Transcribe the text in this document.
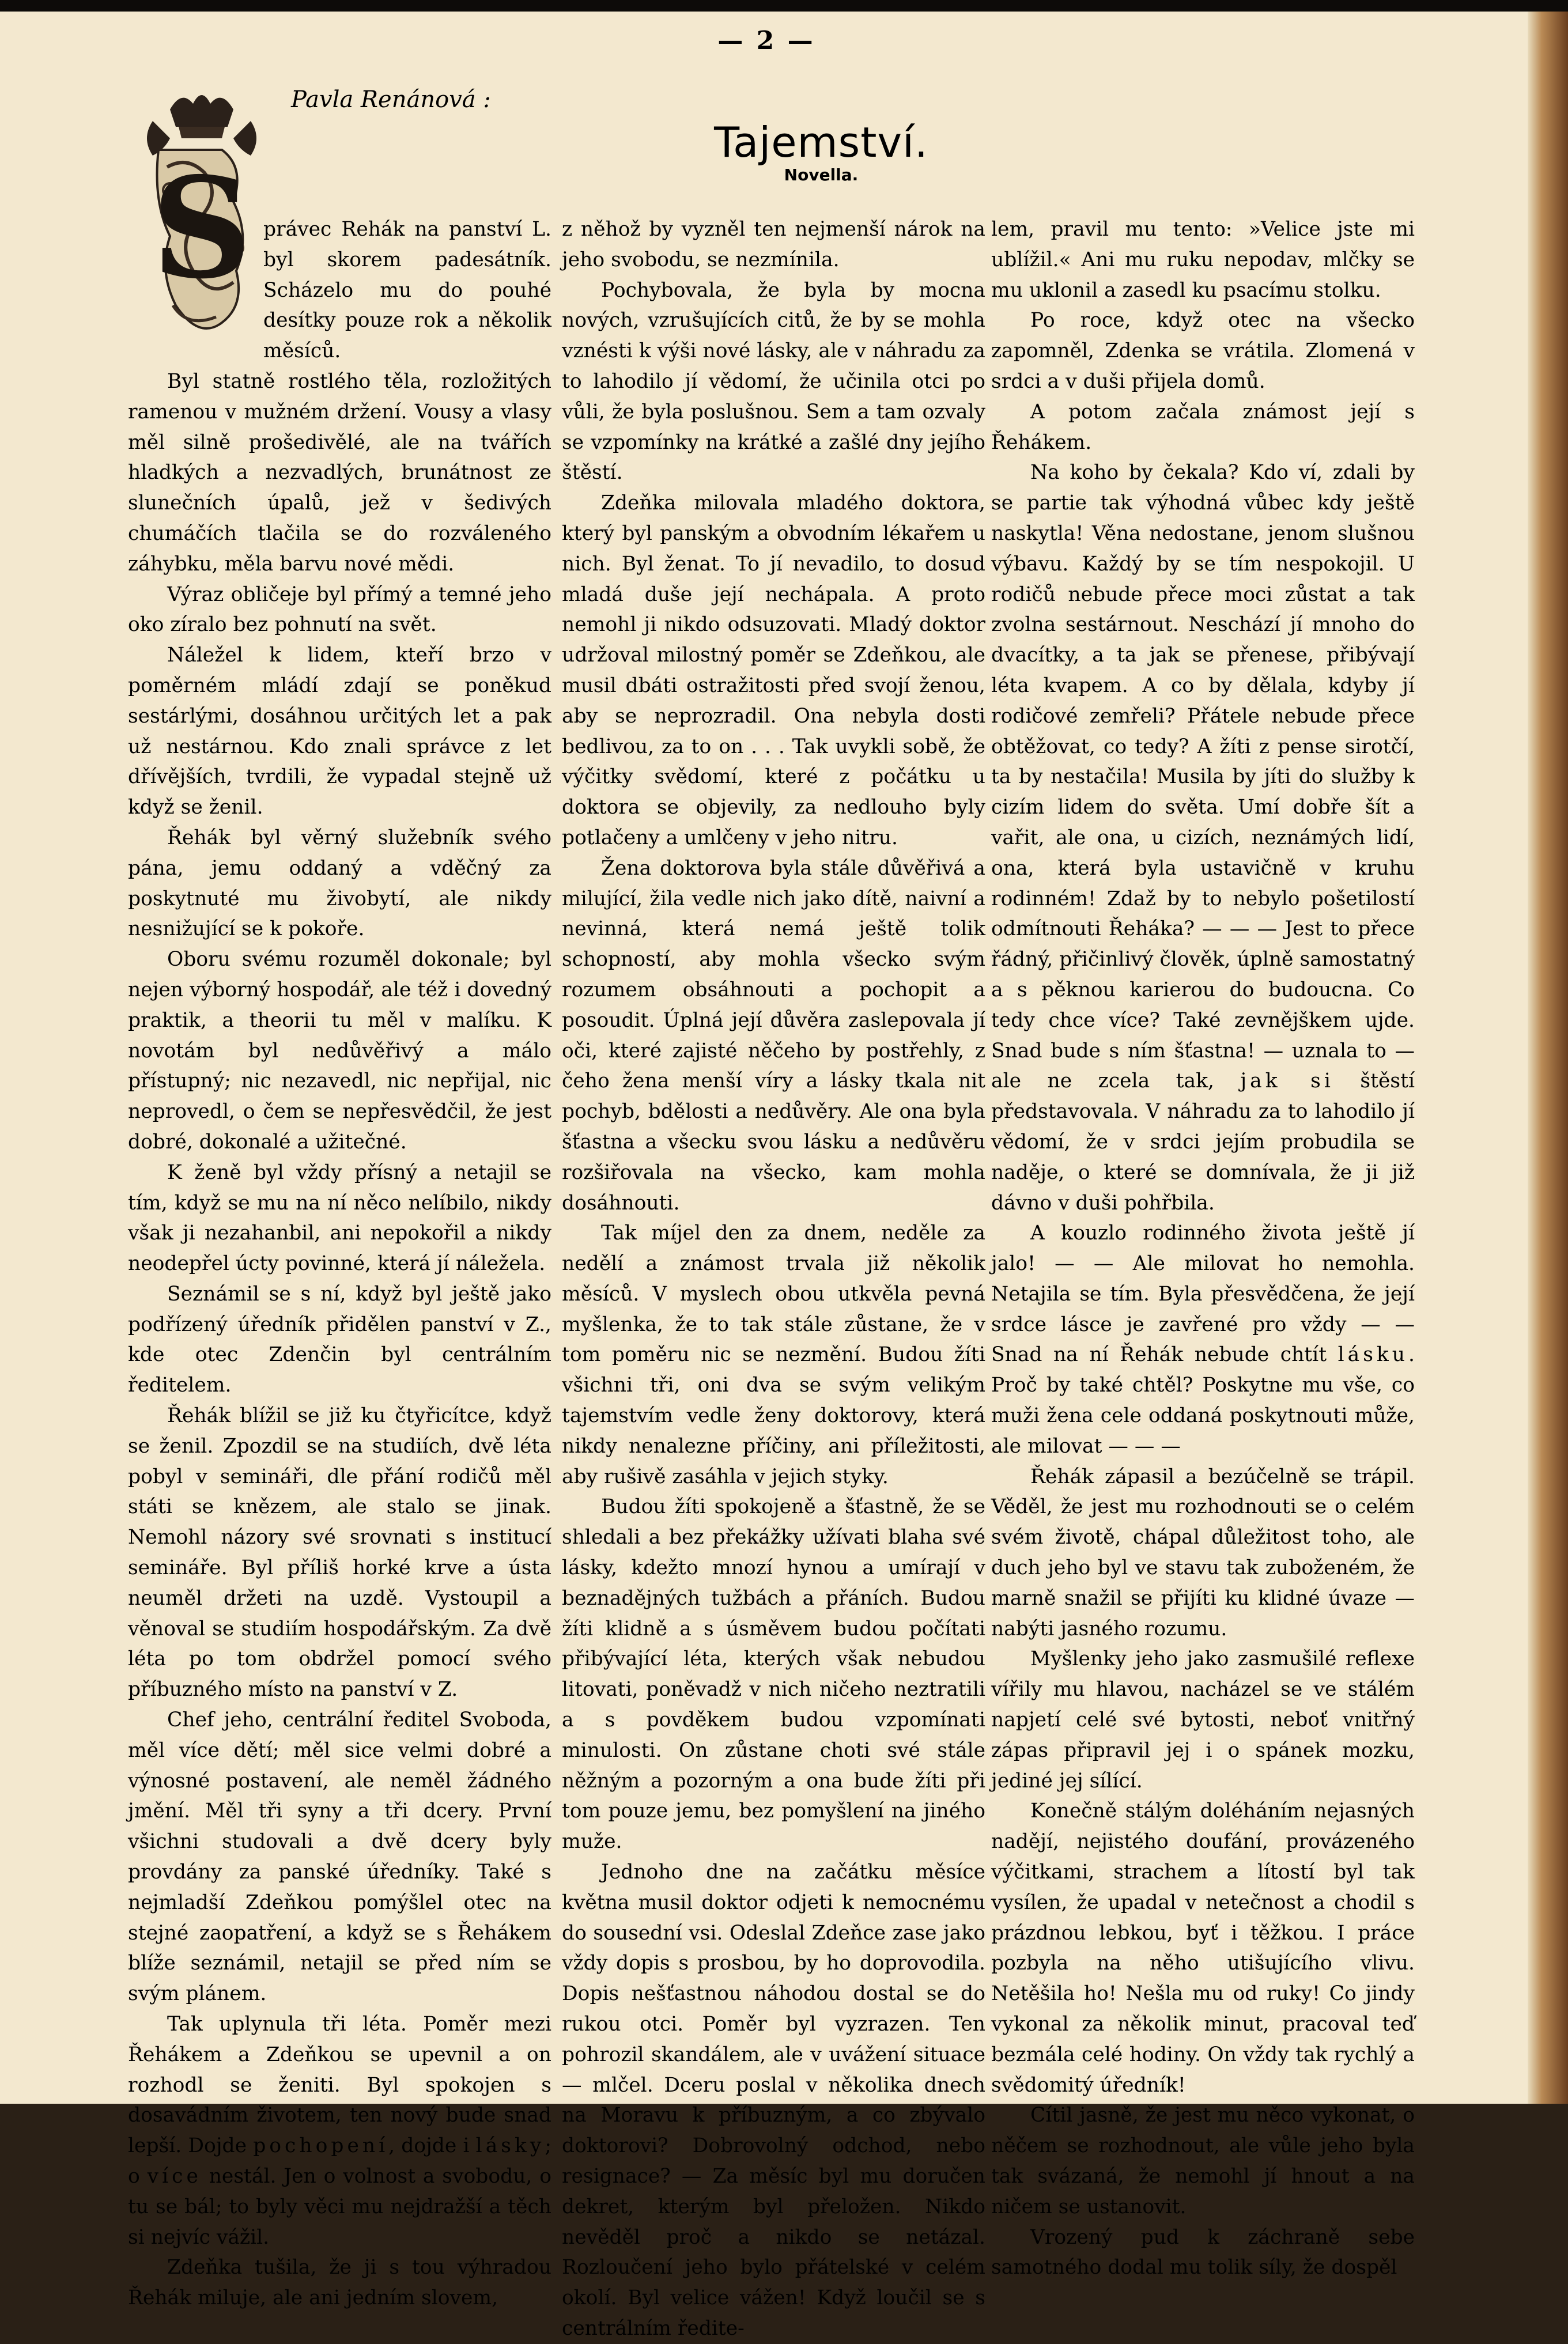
— 2 —
Pavla Renánová :
Tajemství.
Novella.
S právec Rehák na panství L. byl skorem padesátník. Scházelo mu do pouhé desítky pouze rok a několik měsíců.

Byl statně rostlého těla, rozložitých ramenou v mužném držení. Vousy a vlasy měl silně prošedivělé, ale na tvářích hladkých a nezvadlých, brunátnost ze slunečních úpalů, jež v šedivých chumáčích tlačila se do rozváleného záhybku, měla barvu nové mědi.

Výraz obličeje byl přímý a temné jeho oko zíralo bez pohnutí na svět.

Náležel k lidem, kteří brzo v poměrném mládí zdají se poněkud sestárlými, dosáhnou určitých let a pak už nestárnou. Kdo znali správce z let dřívějších, tvrdili, že vypadal stejně už když se ženil.

Řehák byl věrný služebník svého pána, jemu oddaný a vděčný za poskytnuté mu živobytí, ale nikdy nesnižující se k pokoře.

Oboru svému rozuměl dokonale; byl nejen výborný hospodář, ale též i dovedný praktik, a theorii tu měl v malíku. K novotám byl nedůvěřivý a málo přístupný; nic nezavedl, nic nepřijal, nic neprovedl, o čem se nepřesvědčil, že jest dobré, dokonalé a užitečné.

K ženě byl vždy přísný a netajil se tím, když se mu na ní něco nelíbilo, nikdy však ji nezahanbil, ani nepokořil a nikdy neodepřel úcty povinné, která jí náležela.

Seznámil se s ní, když byl ještě jako podřízený úředník přidělen panství v Z., kde otec Zdenčin byl centrálním ředitelem.

Řehák blížil se již ku čtyřicítce, když se ženil. Zpozdil se na studiích, dvě léta pobyl v semináři, dle přání rodičů měl státi se knězem, ale stalo se jinak. Nemohl názory své srovnati s institucí semináře. Byl příliš horké krve a ústa neuměl držeti na uzdě. Vystoupil a věnoval se studiím hospodářským. Za dvě léta po tom obdržel pomocí svého příbuzného místo na panství v Z.

Chef jeho, centrální ředitel Svoboda, měl více dětí; měl sice velmi dobré a výnosné postavení, ale neměl žádného jmění. Měl tři syny a tři dcery. První všichni studovali a dvě dcery byly provdány za panské úředníky. Také s nejmladší Zdeňkou pomýšlel otec na stejné zaopatření, a když se s Řehákem blíže seznámil, netajil se před ním se svým plánem.

Tak uplynula tři léta. Poměr mezi Řehákem a Zdeňkou se upevnil a on rozhodl se ženiti. Byl spokojen s dosavádním životem, ten nový bude snad lepší. Dojde pochopení, dojde i lásky; o více nestál. Jen o volnost a svobodu, o tu se bál; to byly věci mu nejdražší a těch si nejvíc vážil.

Zdeňka tušila, že ji s tou výhradou Řehák miluje, ale ani jedním slovem,

z něhož by vyzněl ten nejmenší nárok na jeho svobodu, se nezmínila.

Pochybovala, že byla by mocna nových, vzrušujících citů, že by se mohla vznésti k výši nové lásky, ale v náhradu za to lahodilo jí vědomí, že učinila otci po vůli, že byla poslušnou. Sem a tam ozvaly se vzpomínky na krátké a zašlé dny jejího štěstí.

Zdeňka milovala mladého doktora, který byl panským a obvodním lékařem u nich. Byl ženat. To jí nevadilo, to dosud mladá duše její nechápala. A proto nemohl ji nikdo odsuzovati. Mladý doktor udržoval milostný poměr se Zdeňkou, ale musil dbáti ostražitosti před svojí ženou, aby se neprozradil. Ona nebyla dosti bedlivou, za to on . . . Tak uvykli sobě, že výčitky svědomí, které z počátku u doktora se objevily, za nedlouho byly potlačeny a umlčeny v jeho nitru.

Žena doktorova byla stále důvěřivá a milující, žila vedle nich jako dítě, naivní a nevinná, která nemá ještě tolik schopností, aby mohla všecko svým rozumem obsáhnouti a pochopit a posoudit. Úplná její důvěra zaslepovala jí oči, které zajisté něčeho by postřehly, z čeho žena menší víry a lásky tkala nit pochyb, bdělosti a nedůvěry. Ale ona byla šťastna a všecku svou lásku a nedůvěru rozšiřovala na všecko, kam mohla dosáhnouti.

Tak míjel den za dnem, neděle za nedělí a známost trvala již několik měsíců. V myslech obou utkvěla pevná myšlenka, že to tak stále zůstane, že v tom poměru nic se nezmění. Budou žíti všichni tři, oni dva se svým velikým tajemstvím vedle ženy doktorovy, která nikdy nenalezne příčiny, ani příležitosti, aby rušivě zasáhla v jejich styky.

Budou žíti spokojeně a šťastně, že se shledali a bez překážky užívati blaha své lásky, kdežto mnozí hynou a umírají v beznadějných tužbách a přáních. Budou žíti klidně a s úsměvem budou počítati přibývající léta, kterých však nebudou litovati, poněvadž v nich ničeho neztratili a s povděkem budou vzpomínati minulosti. On zůstane choti své stále něžným a pozorným a ona bude žíti při tom pouze jemu, bez pomyšlení na jiného muže.

Jednoho dne na začátku měsíce května musil doktor odjeti k nemocnému do sousední vsi. Odeslal Zdeňce zase jako vždy dopis s prosbou, by ho doprovodila. Dopis nešťastnou náhodou dostal se do rukou otci. Poměr byl vyzrazen. Ten pohrozil skandálem, ale v uvážení situace — mlčel. Dceru poslal v několika dnech na Moravu k příbuzným, a co zbývalo doktorovi? Dobrovolný odchod, nebo resignace? — Za měsíc byl mu doručen dekret, kterým byl přeložen. Nikdo nevěděl proč a nikdo se netázal. Rozloučení jeho bylo přátelské v celém okolí. Byl velice vážen! Když loučil se s centrálním ředite-

lem, pravil mu tento: »Velice jste mi ublížil.« Ani mu ruku nepodav, mlčky se mu uklonil a zasedl ku psacímu stolku.

Po roce, když otec na všecko zapomněl, Zdenka se vrátila. Zlomená v srdci a v duši přijela domů.

A potom začala známost její s Řehákem.

Na koho by čekala? Kdo ví, zdali by se partie tak výhodná vůbec kdy ještě naskytla! Věna nedostane, jenom slušnou výbavu. Každý by se tím nespokojil. U rodičů nebude přece moci zůstat a tak zvolna sestárnout. Neschází jí mnoho do dvacítky, a ta jak se přenese, přibývají léta kvapem. A co by dělala, kdyby jí rodičové zemřeli? Přátele nebude přece obtěžovat, co tedy? A žíti z pense sirotčí, ta by nestačila! Musila by jíti do služby k cizím lidem do světa. Umí dobře šít a vařit, ale ona, u cizích, neznámých lidí, ona, která byla ustavičně v kruhu rodinném! Zdaž by to nebylo pošetilostí odmítnouti Řeháka? — — — Jest to přece řádný, přičinlivý člověk, úplně samostatný a s pěknou karierou do budoucna. Co tedy chce více? Také zevnějškem ujde. Snad bude s ním šťastna! — uznala to — ale ne zcela tak, jak si štěstí představovala. V náhradu za to lahodilo jí vědomí, že v srdci jejím probudila se naděje, o které se domnívala, že ji již dávno v duši pohřbila.

A kouzlo rodinného života ještě jí jalo! — — Ale milovat ho nemohla. Netajila se tím. Byla přesvědčena, že její srdce lásce je zavřené pro vždy — — Snad na ní Řehák nebude chtít lásku. Proč by také chtěl? Poskytne mu vše, co muži žena cele oddaná poskytnouti může, ale milovat — — —

Řehák zápasil a bezúčelně se trápil. Věděl, že jest mu rozhodnouti se o celém svém životě, chápal důležitost toho, ale duch jeho byl ve stavu tak zuboženém, že marně snažil se přijíti ku klidné úvaze — nabýti jasného rozumu.

Myšlenky jeho jako zasmušilé reflexe vířily mu hlavou, nacházel se ve stálém napjetí celé své bytosti, neboť vnitřný zápas připravil jej i o spánek mozku, jediné jej sílící.

Konečně stálým doléháním nejasných nadějí, nejistého doufání, provázeného výčitkami, strachem a lítostí byl tak vysílen, že upadal v netečnost a chodil s prázdnou lebkou, byť i těžkou. I práce pozbyla na něho utišujícího vlivu. Netěšila ho! Nešla mu od ruky! Co jindy vykonal za několik minut, pracoval teď bezmála celé hodiny. On vždy tak rychlý a svědomitý úředník!

Cítil jasně, že jest mu něco vykonat, o něčem se rozhodnout, ale vůle jeho byla tak svázaná, že nemohl jí hnout a na ničem se ustanovit.

Vrozený pud k záchraně sebe samotného dodal mu tolik síly, že dospěl
